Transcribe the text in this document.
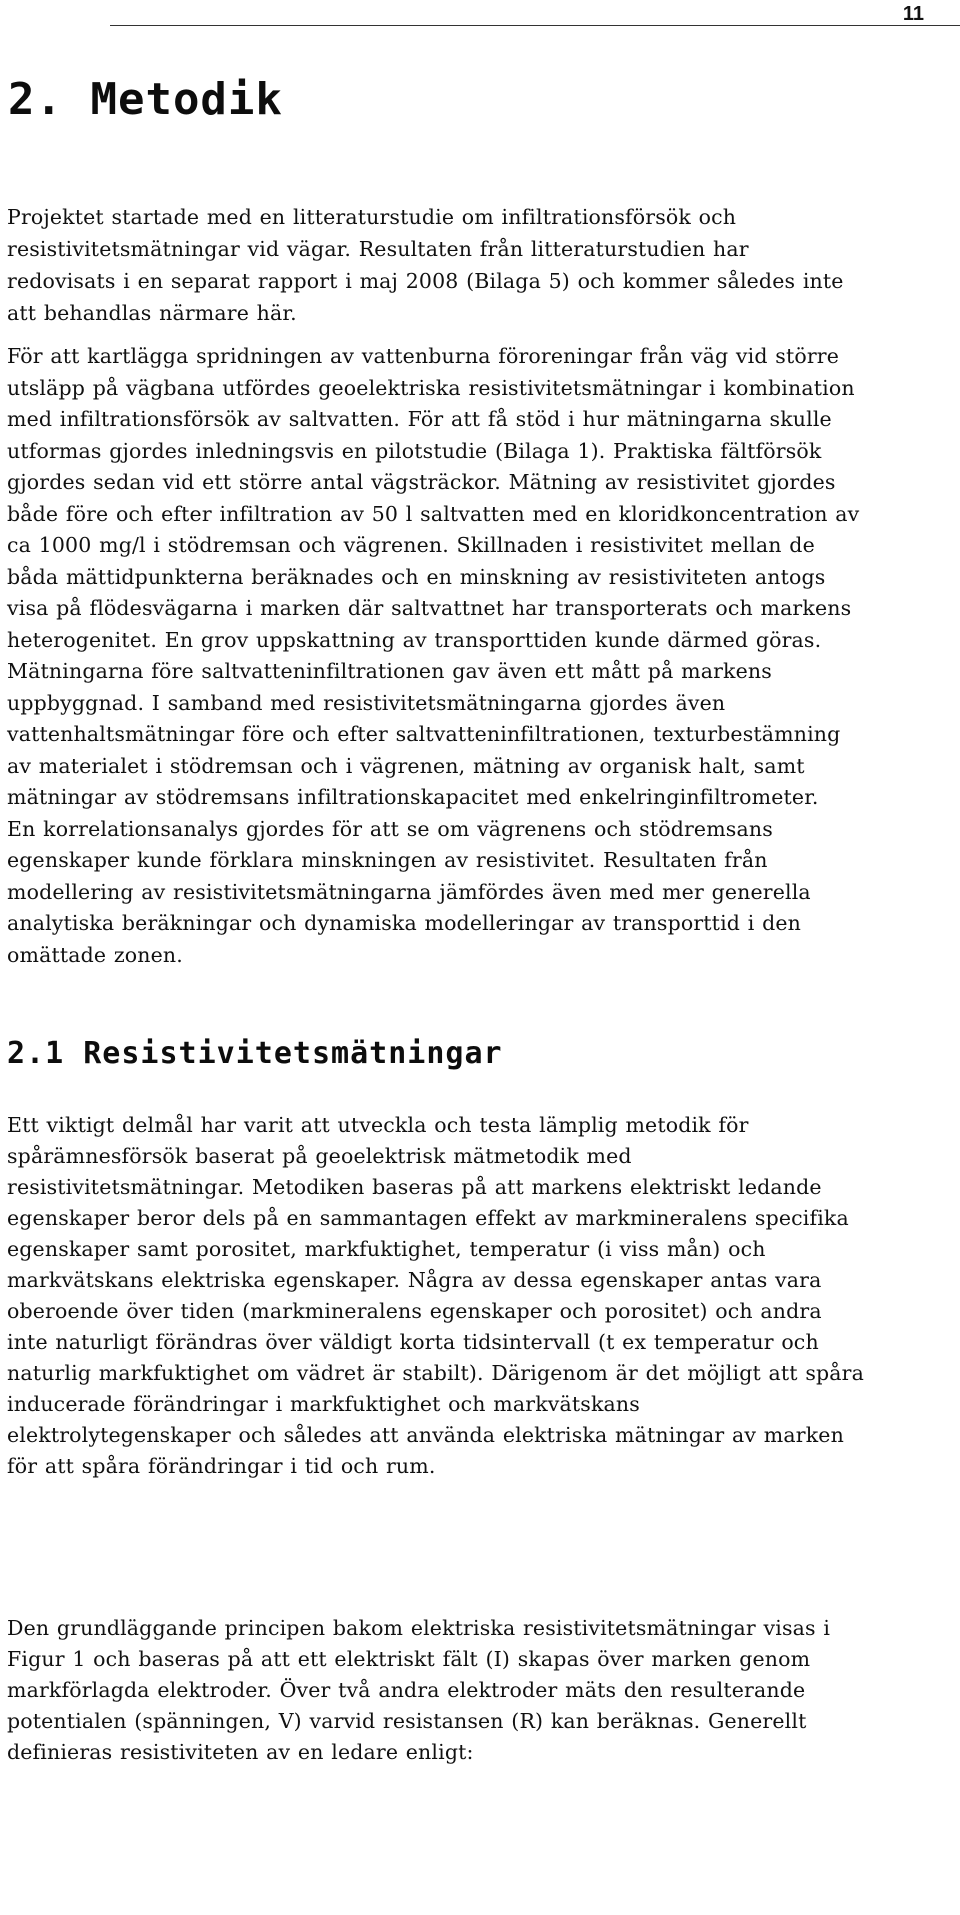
11
2. Metodik

Projektet startade med en litteraturstudie om infiltrationsförsök och
resistivitetsmätningar vid vägar. Resultaten från litteraturstudien har
redovisats i en separat rapport i maj 2008 (Bilaga 5) och kommer således inte
att behandlas närmare här.

För att kartlägga spridningen av vattenburna föroreningar från väg vid större
utsläpp på vägbana utfördes geoelektriska resistivitetsmätningar i kombination
med infiltrationsförsök av saltvatten. För att få stöd i hur mätningarna skulle
utformas gjordes inledningsvis en pilotstudie (Bilaga 1). Praktiska fältförsök
gjordes sedan vid ett större antal vägsträckor. Mätning av resistivitet gjordes
både före och efter infiltration av 50 l saltvatten med en kloridkoncentration av
ca 1000 mg/l i stödremsan och vägrenen. Skillnaden i resistivitet mellan de
båda mättidpunkterna beräknades och en minskning av resistiviteten antogs
visa på flödesvägarna i marken där saltvattnet har transporterats och markens
heterogenitet. En grov uppskattning av transporttiden kunde därmed göras.
Mätningarna före saltvatteninfiltrationen gav även ett mått på markens
uppbyggnad. I samband med resistivitetsmätningarna gjordes även
vattenhaltsmätningar före och efter saltvatteninfiltrationen, texturbestämning
av materialet i stödremsan och i vägrenen, mätning av organisk halt, samt
mätningar av stödremsans infiltrationskapacitet med enkelringinfiltrometer.
En korrelationsanalys gjordes för att se om vägrenens och stödremsans
egenskaper kunde förklara minskningen av resistivitet. Resultaten från
modellering av resistivitetsmätningarna jämfördes även med mer generella
analytiska beräkningar och dynamiska modelleringar av transporttid i den
omättade zonen.

2.1 Resistivitetsmätningar

Ett viktigt delmål har varit att utveckla och testa lämplig metodik för
spårämnesförsök baserat på geoelektrisk mätmetodik med
resistivitetsmätningar. Metodiken baseras på att markens elektriskt ledande
egenskaper beror dels på en sammantagen effekt av markmineralens specifika
egenskaper samt porositet, markfuktighet, temperatur (i viss mån) och
markvätskans elektriska egenskaper. Några av dessa egenskaper antas vara
oberoende över tiden (markmineralens egenskaper och porositet) och andra
inte naturligt förändras över väldigt korta tidsintervall (t ex temperatur och
naturlig markfuktighet om vädret är stabilt). Därigenom är det möjligt att spåra
inducerade förändringar i markfuktighet och markvätskans
elektrolytegenskaper och således att använda elektriska mätningar av marken
för att spåra förändringar i tid och rum.

Den grundläggande principen bakom elektriska resistivitetsmätningar visas i
Figur 1 och baseras på att ett elektriskt fält (I) skapas över marken genom
markförlagda elektroder. Över två andra elektroder mäts den resulterande
potentialen (spänningen, V) varvid resistansen (R) kan beräknas. Generellt
definieras resistiviteten av en ledare enligt:
